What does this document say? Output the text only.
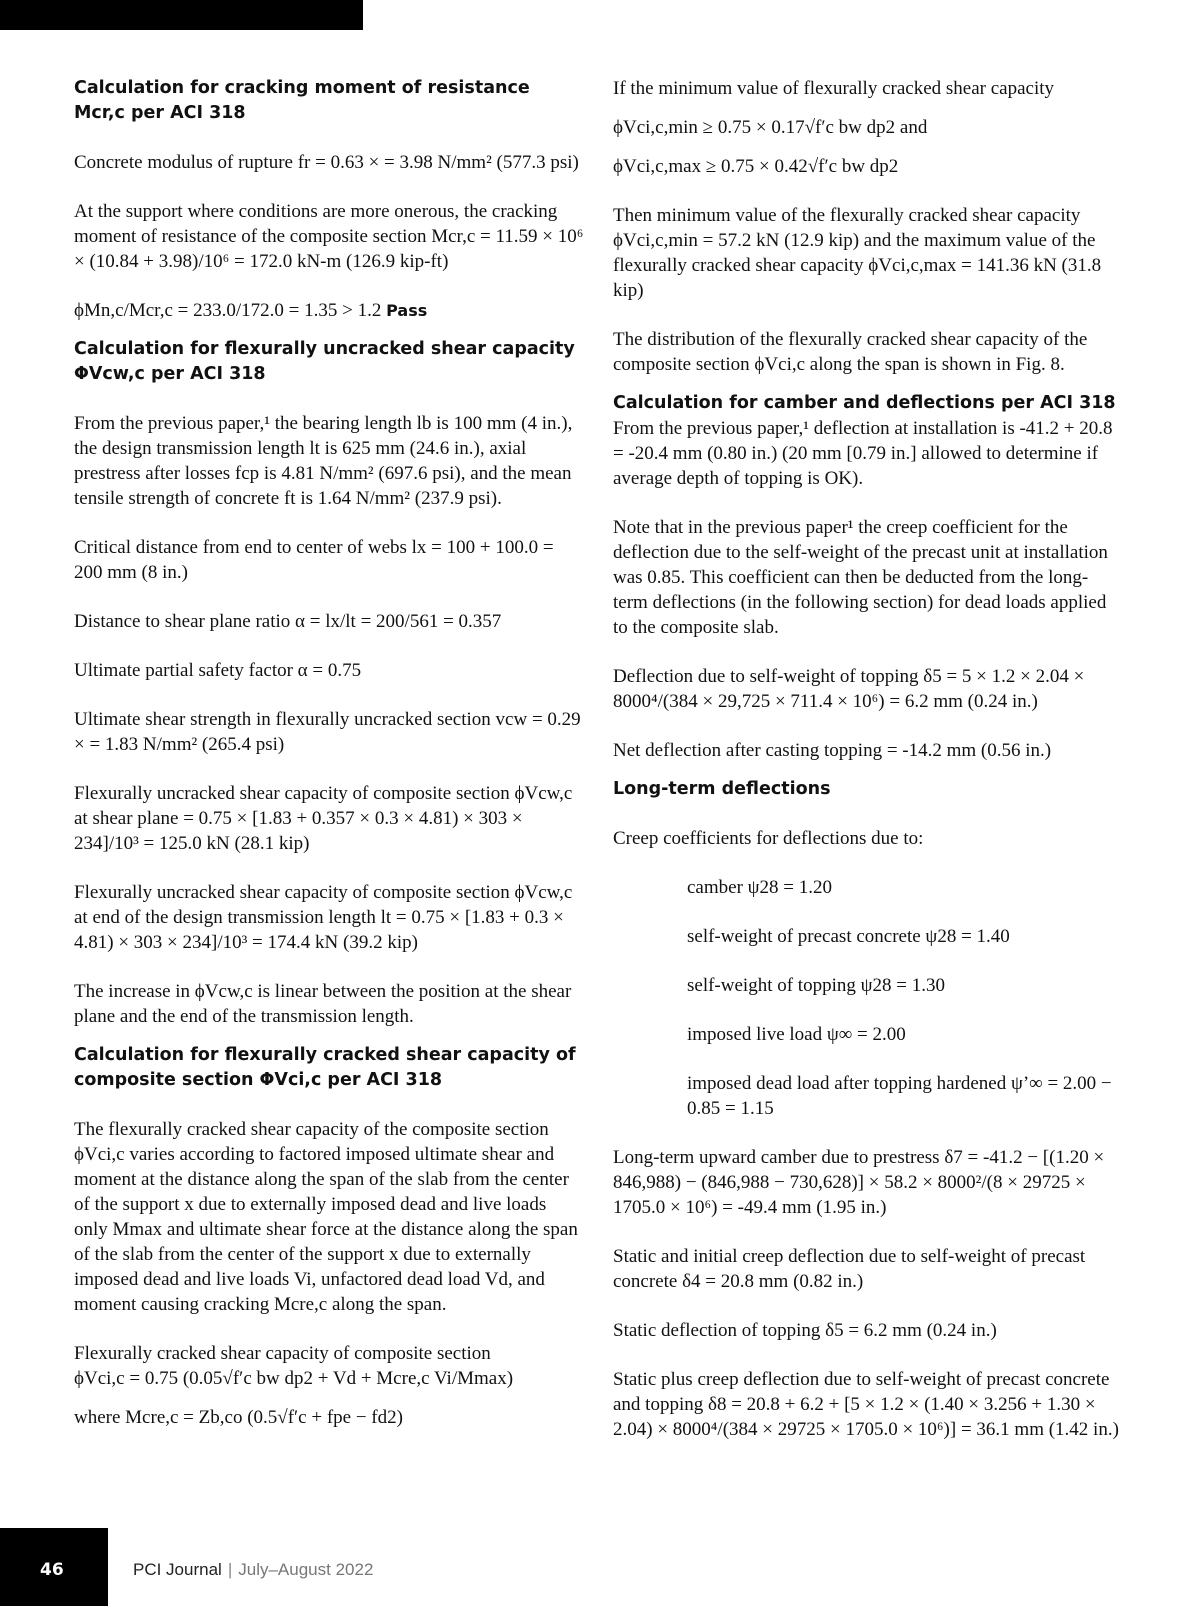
Calculation for cracking moment of resistance Mcr,c per ACI 318

Concrete modulus of rupture fr = 0.63 × = 3.98 N/mm² (577.3 psi)

At the support where conditions are more onerous, the cracking moment of resistance of the composite section Mcr,c = 11.59 × 10⁶ × (10.84 + 3.98)/10⁶ = 172.0 kN-m (126.9 kip-ft)

ϕMn,c/Mcr,c = 233.0/172.0 = 1.35 > 1.2 Pass

Calculation for flexurally uncracked shear capacity ΦVcw,c per ACI 318

From the previous paper,¹ the bearing length lb is 100 mm (4 in.), the design transmission length lt is 625 mm (24.6 in.), axial prestress after losses fcp is 4.81 N/mm² (697.6 psi), and the mean tensile strength of concrete ft is 1.64 N/mm² (237.9 psi).

Critical distance from end to center of webs lx = 100 + 100.0 = 200 mm (8 in.)

Distance to shear plane ratio α = lx/lt = 200/561 = 0.357

Ultimate partial safety factor α = 0.75

Ultimate shear strength in flexurally uncracked section vcw = 0.29 × = 1.83 N/mm² (265.4 psi)

Flexurally uncracked shear capacity of composite section ϕVcw,c at shear plane = 0.75 × [1.83 + 0.357 × 0.3 × 4.81) × 303 × 234]/10³ = 125.0 kN (28.1 kip)

Flexurally uncracked shear capacity of composite section ϕVcw,c at end of the design transmission length lt = 0.75 × [1.83 + 0.3 × 4.81) × 303 × 234]/10³ = 174.4 kN (39.2 kip)

The increase in ϕVcw,c is linear between the position at the shear plane and the end of the transmission length.

Calculation for flexurally cracked shear capacity of composite section ΦVci,c per ACI 318

The flexurally cracked shear capacity of the composite section ϕVci,c varies according to factored imposed ultimate shear and moment at the distance along the span of the slab from the center of the support x due to externally imposed dead and live loads only Mmax and ultimate shear force at the distance along the span of the slab from the center of the support x due to externally imposed dead and live loads Vi, unfactored dead load Vd, and moment causing cracking Mcre,c along the span.

Flexurally cracked shear capacity of composite section

ϕVci,c = 0.75 (0.05√f′c bw dp2 + Vd + Mcre,c Vi/Mmax)

where Mcre,c = Zb,co (0.5√f′c + fpe − fd2)

If the minimum value of flexurally cracked shear capacity

ϕVci,c,min ≥ 0.75 × 0.17√f′c bw dp2 and

ϕVci,c,max ≥ 0.75 × 0.42√f′c bw dp2

Then minimum value of the flexurally cracked shear capacity ϕVci,c,min = 57.2 kN (12.9 kip) and the maximum value of the flexurally cracked shear capacity ϕVci,c,max = 141.36 kN (31.8 kip)

The distribution of the flexurally cracked shear capacity of the composite section ϕVci,c along the span is shown in Fig. 8.

Calculation for camber and deflections per ACI 318

From the previous paper,¹ deflection at installation is -41.2 + 20.8 = -20.4 mm (0.80 in.) (20 mm [0.79 in.] allowed to determine if average depth of topping is OK).

Note that in the previous paper¹ the creep coefficient for the deflection due to the self-weight of the precast unit at installation was 0.85. This coefficient can then be deducted from the long-term deflections (in the following section) for dead loads applied to the composite slab.

Deflection due to self-weight of topping δ5 = 5 × 1.2 × 2.04 × 8000⁴/(384 × 29,725 × 711.4 × 10⁶) = 6.2 mm (0.24 in.)

Net deflection after casting topping = -14.2 mm (0.56 in.)

Long-term deflections

Creep coefficients for deflections due to:

camber ψ28 = 1.20

self-weight of precast concrete ψ28 = 1.40

self-weight of topping ψ28 = 1.30

imposed live load ψ∞ = 2.00

imposed dead load after topping hardened ψ’∞ = 2.00 − 0.85 = 1.15

Long-term upward camber due to prestress δ7 = -41.2 − [(1.20 × 846,988) − (846,988 − 730,628)] × 58.2 × 8000²/(8 × 29725 × 1705.0 × 10⁶) = -49.4 mm (1.95 in.)

Static and initial creep deflection due to self-weight of precast concrete δ4 = 20.8 mm (0.82 in.)

Static deflection of topping δ5 = 6.2 mm (0.24 in.)

Static plus creep deflection due to self-weight of precast concrete and topping δ8 = 20.8 + 6.2 + [5 × 1.2 × (1.40 × 3.256 + 1.30 × 2.04) × 8000⁴/(384 × 29725 × 1705.0 × 10⁶)] = 36.1 mm (1.42 in.)

46	PCI Journal | July–August 2022
